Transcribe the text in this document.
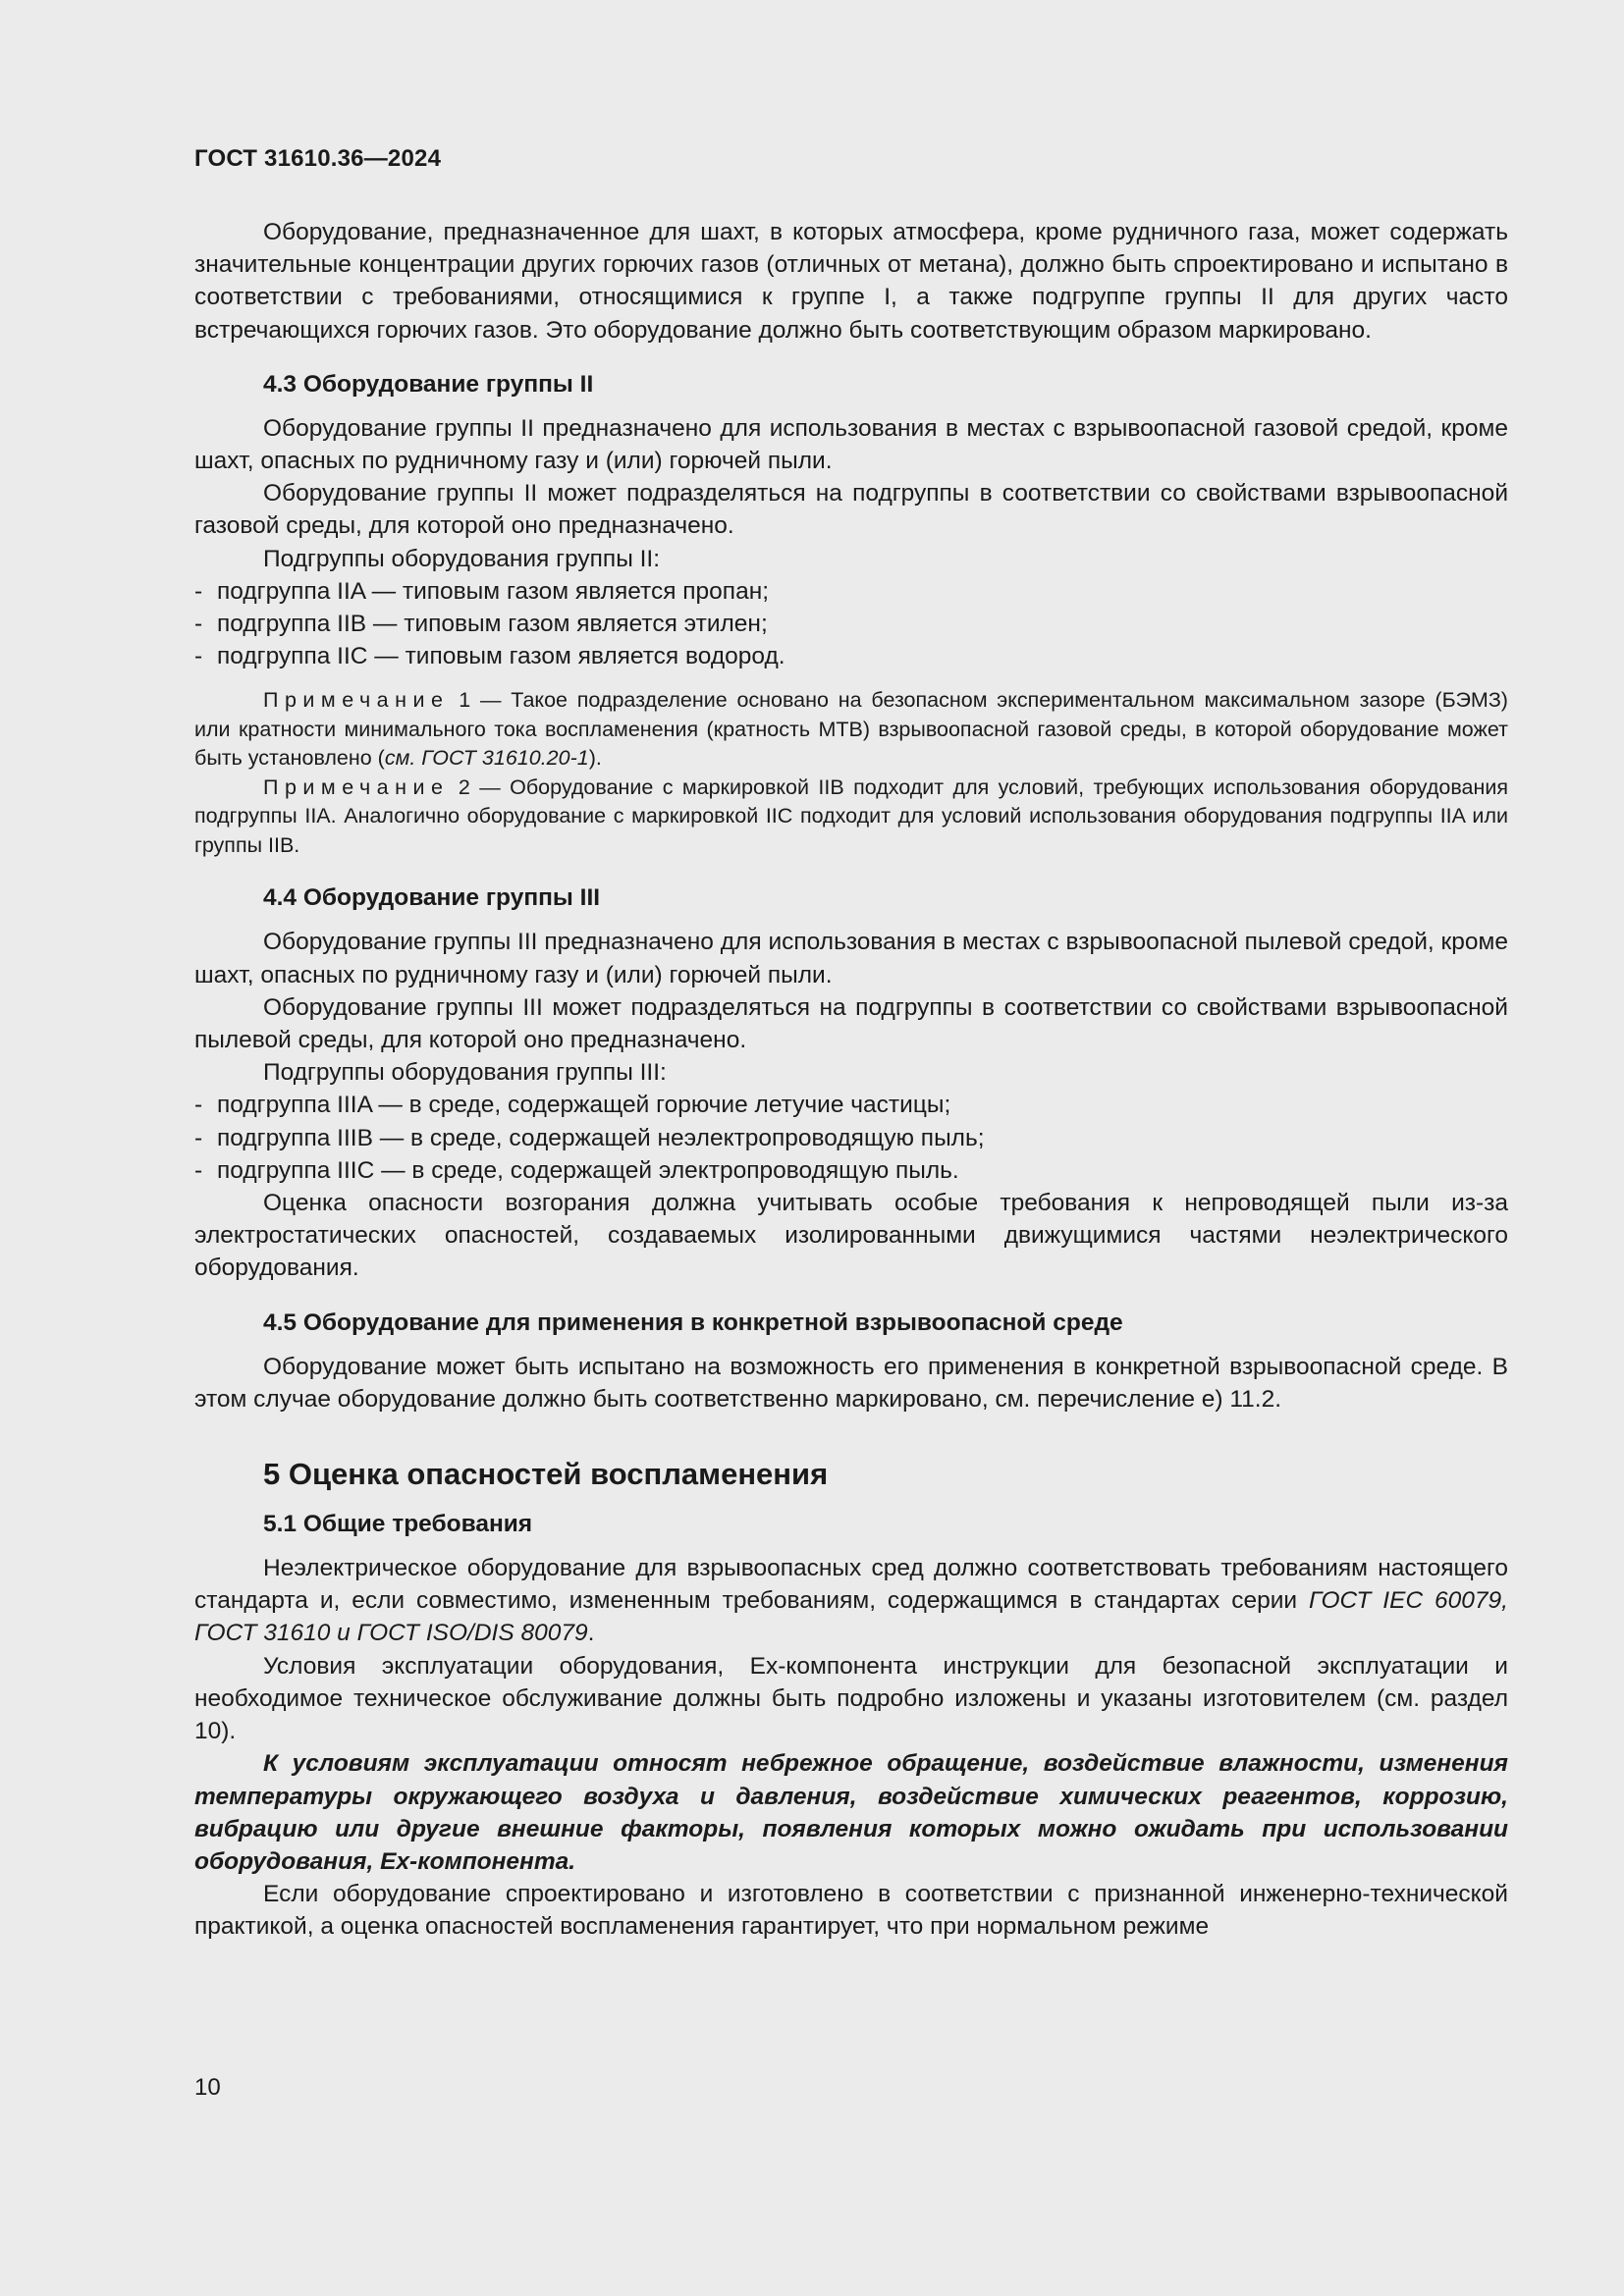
ГОСТ 31610.36—2024

Оборудование, предназначенное для шахт, в которых атмосфера, кроме рудничного газа, может содержать значительные концентрации других горючих газов (отличных от метана), должно быть спроектировано и испытано в соответствии с требованиями, относящимися к группе I, а также подгруппе группы II для других часто встречающихся горючих газов. Это оборудование должно быть соответствующим образом маркировано.

4.3 Оборудование группы II

Оборудование группы II предназначено для использования в местах с взрывоопасной газовой средой, кроме шахт, опасных по рудничному газу и (или) горючей пыли.

Оборудование группы II может подразделяться на подгруппы в соответствии со свойствами взрывоопасной газовой среды, для которой оно предназначено.

Подгруппы оборудования группы II:

- подгруппа IIA — типовым газом является пропан;

- подгруппа IIB — типовым газом является этилен;

- подгруппа IIC — типовым газом является водород.

Примечание 1 — Такое подразделение основано на безопасном экспериментальном максимальном зазоре (БЭМЗ) или кратности минимального тока воспламенения (кратность МТВ) взрывоопасной газовой среды, в которой оборудование может быть установлено (см. ГОСТ 31610.20-1).

Примечание 2 — Оборудование с маркировкой IIB подходит для условий, требующих использования оборудования подгруппы IIA. Аналогично оборудование с маркировкой IIC подходит для условий использования оборудования подгруппы IIA или группы IIB.

4.4 Оборудование группы III

Оборудование группы III предназначено для использования в местах с взрывоопасной пылевой средой, кроме шахт, опасных по рудничному газу и (или) горючей пыли.

Оборудование группы III может подразделяться на подгруппы в соответствии со свойствами взрывоопасной пылевой среды, для которой оно предназначено.

Подгруппы оборудования группы III:

- подгруппа IIIA — в среде, содержащей горючие летучие частицы;

- подгруппа IIIB — в среде, содержащей неэлектропроводящую пыль;

- подгруппа IIIC — в среде, содержащей электропроводящую пыль.

Оценка опасности возгорания должна учитывать особые требования к непроводящей пыли из-за электростатических опасностей, создаваемых изолированными движущимися частями неэлектрического оборудования.

4.5 Оборудование для применения в конкретной взрывоопасной среде

Оборудование может быть испытано на возможность его применения в конкретной взрывоопасной среде. В этом случае оборудование должно быть соответственно маркировано, см. перечисление e) 11.2.

5 Оценка опасностей воспламенения
5.1 Общие требования

Неэлектрическое оборудование для взрывоопасных сред должно соответствовать требованиям настоящего стандарта и, если совместимо, измененным требованиям, содержащимся в стандартах серии ГОСТ IEC 60079, ГОСТ 31610 и ГОСТ ISO/DIS 80079.

Условия эксплуатации оборудования, Ex-компонента инструкции для безопасной эксплуатации и необходимое техническое обслуживание должны быть подробно изложены и указаны изготовителем (см. раздел 10).

К условиям эксплуатации относят небрежное обращение, воздействие влажности, изменения температуры окружающего воздуха и давления, воздействие химических реагентов, коррозию, вибрацию или другие внешние факторы, появления которых можно ожидать при использовании оборудования, Ex-компонента.

Если оборудование спроектировано и изготовлено в соответствии с признанной инженерно-технической практикой, а оценка опасностей воспламенения гарантирует, что при нормальном режиме

10
